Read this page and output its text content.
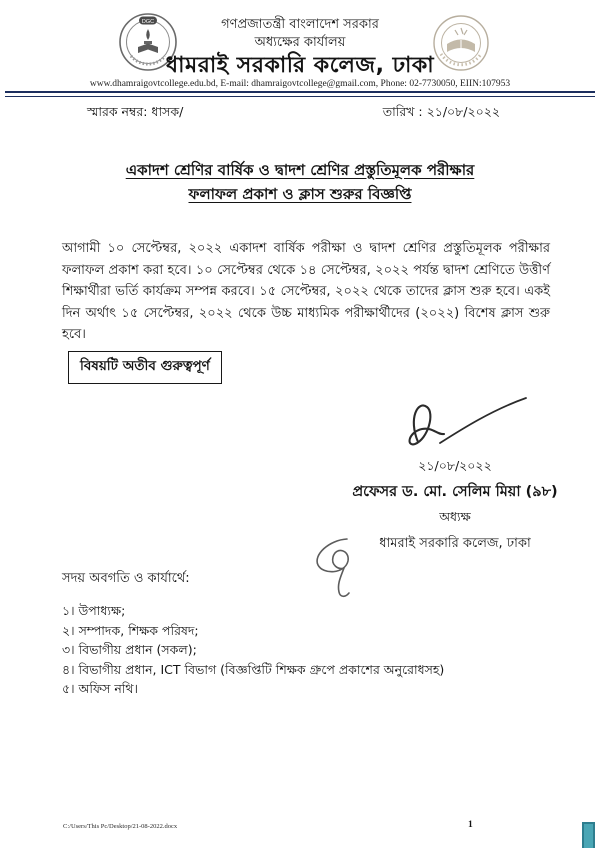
DGC	গণপ্রজাতন্ত্রী বাংলাদেশ সরকার
অধ্যক্ষের কার্যালয়
ধামরাই সরকারি কলেজ, ঢাকা
www.dhamraigovtcollege.edu.bd, E-mail: dhamraigovtcollege@gmail.com, Phone: 02-7730050, EIIN:107953
স্মারক নম্বর: ধাসক/	তারিখ : ২১/০৮/২০২২
একাদশ শ্রেণির বার্ষিক ও দ্বাদশ শ্রেণির প্রস্তুতিমূলক পরীক্ষার
ফলাফল প্রকাশ ও ক্লাস শুরুর বিজ্ঞপ্তি
আগামী ১০ সেপ্টেম্বর, ২০২২ একাদশ বার্ষিক পরীক্ষা ও দ্বাদশ শ্রেণির প্রস্তুতিমূলক পরীক্ষার ফলাফল প্রকাশ করা হবে। ১০ সেপ্টেম্বর থেকে ১৪ সেপ্টেম্বর, ২০২২ পর্যন্ত দ্বাদশ শ্রেণিতে উত্তীর্ণ শিক্ষার্থীরা ভর্তি কার্যক্রম সম্পন্ন করবে। ১৫ সেপ্টেম্বর, ২০২২ থেকে তাদের ক্লাস শুরু হবে। একই দিন অর্থাৎ ১৫ সেপ্টেম্বর, ২০২২ থেকে উচ্চ মাধ্যমিক পরীক্ষার্থীদের (২০২২) বিশেষ ক্লাস শুরু হবে।
বিষয়টি অতীব গুরুত্বপূর্ণ
২১/০৮/২০২২
প্রফেসর ড. মো. সেলিম মিয়া (৯৮)
অধ্যক্ষ
ধামরাই সরকারি কলেজ, ঢাকা
সদয় অবগতি ও কার্যার্থে:
১। উপাধ্যক্ষ;
২। সম্পাদক, শিক্ষক পরিষদ;
৩। বিভাগীয় প্রধান (সকল);
৪। বিভাগীয় প্রধান, ICT বিভাগ (বিজ্ঞপ্তিটি শিক্ষক গ্রুপে প্রকাশের অনুরোধসহ)
৫। অফিস নথি।
C:/Users/This Pc/Desktop/21-08-2022.docx	1
